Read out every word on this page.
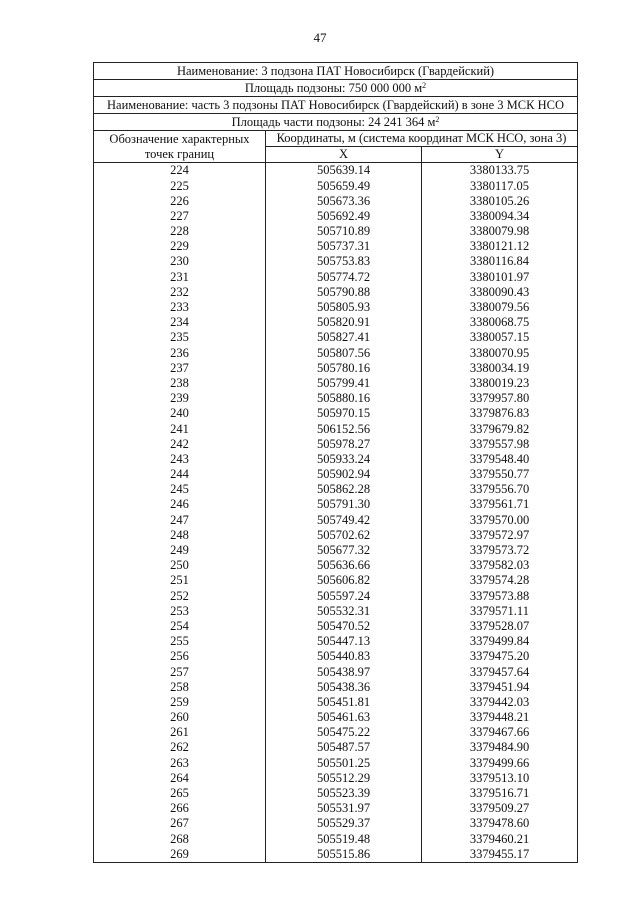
47
Наименование: 3 подзона ПАТ Новосибирск (Гвардейский)		
Площадь подзоны: 750 000 000 $м^2$
Наименование: часть 3 подзоны ПАТ Новосибирск (Гвардейский) в зоне 3 МСК НСО		
Площадь части подзоны: 24 241 364 $м^2$
Обозначение характерных	Координаты, м (система координат МСК НСО, зона 3)	
точек границ	X	Y
224	505639.14	3380133.75
225	505659.49	3380117.05
226	505673.36	3380105.26
227	505692.49	3380094.34
228	505710.89	3380079.98
229	505737.31	3380121.12
230	505753.83	3380116.84
231	505774.72	3380101.97
232	505790.88	3380090.43
233	505805.93	3380079.56
234	505820.91	3380068.75
235	505827.41	3380057.15
236	505807.56	3380070.95
237	505780.16	3380034.19
238	505799.41	3380019.23
239	505880.16	3379957.80
240	505970.15	3379876.83
241	506152.56	3379679.82
242	505978.27	3379557.98
243	505933.24	3379548.40
244	505902.94	3379550.77
245	505862.28	3379556.70
246	505791.30	3379561.71
247	505749.42	3379570.00
248	505702.62	3379572.97
249	505677.32	3379573.72
250	505636.66	3379582.03
251	505606.82	3379574.28
252	505597.24	3379573.88
253	505532.31	3379571.11
254	505470.52	3379528.07
255	505447.13	3379499.84
256	505440.83	3379475.20
257	505438.97	3379457.64
258	505438.36	3379451.94
259	505451.81	3379442.03
260	505461.63	3379448.21
261	505475.22	3379467.66
262	505487.57	3379484.90
263	505501.25	3379499.66
264	505512.29	3379513.10
265	505523.39	3379516.71
266	505531.97	3379509.27
267	505529.37	3379478.60
268	505519.48	3379460.21
269	505515.86	3379455.17
